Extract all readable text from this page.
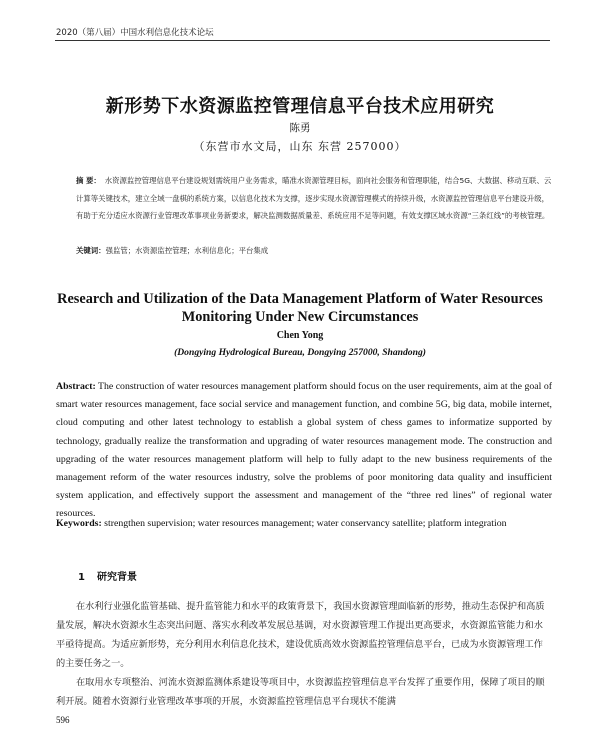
2020（第八届）中国水利信息化技术论坛
新形势下水资源监控管理信息平台技术应用研究
陈勇
（东营市水文局，山东 东营 257000）
摘 要： 水资源监控管理信息平台建设规划需统用户业务需求，瞄准水资源管理目标，面向社会服务和管理职能，结合5G、大数据、移动互联、云计算等关键技术，建立全域一盘棋的系统方案，以信息化技术为支撑，逐步实现水资源管理模式的持续升级，水资源监控管理信息平台建设升级，有助于充分适应水资源行业管理改革事项业务新要求，解决监测数据质量差、系统应用不足等问题，有效支撑区域水资源“三条红线”的考核管理。
关键词：强监管；水资源监控管理；水利信息化；平台集成
Research and Utilization of the Data Management Platform of Water Resources
Monitoring Under New Circumstances
Chen Yong
(Dongying Hydrological Bureau, Dongying 257000, Shandong)
Abstract: The construction of water resources management platform should focus on the user requirements, aim at the goal of smart water resources management, face social service and management function, and combine 5G, big data, mobile internet, cloud computing and other latest technology to establish a global system of chess games to informatize supported by technology, gradually realize the transformation and upgrading of water resources management mode. The construction and upgrading of the water resources management platform will help to fully adapt to the new business requirements of the management reform of the water resources industry, solve the problems of poor monitoring data quality and insufficient system application, and effectively support the assessment and management of the “three red lines” of regional water resources.
Keywords: strengthen supervision; water resources management; water conservancy satellite; platform integration
1 研究背景

在水利行业强化监管基础、提升监管能力和水平的政策背景下，我国水资源管理面临新的形势，推动生态保护和高质量发展，解决水资源水生态突出问题、落实水利改革发展总基调，对水资源管理工作提出更高要求，水资源监管能力和水平亟待提高。为适应新形势，充分利用水利信息化技术，建设优质高效水资源监控管理信息平台，已成为水资源管理工作的主要任务之一。

在取用水专项整治、河流水资源监测体系建设等项目中，水资源监控管理信息平台发挥了重要作用，保障了项目的顺利开展。随着水资源行业管理改革事项的开展，水资源监控管理信息平台现状不能满

596
